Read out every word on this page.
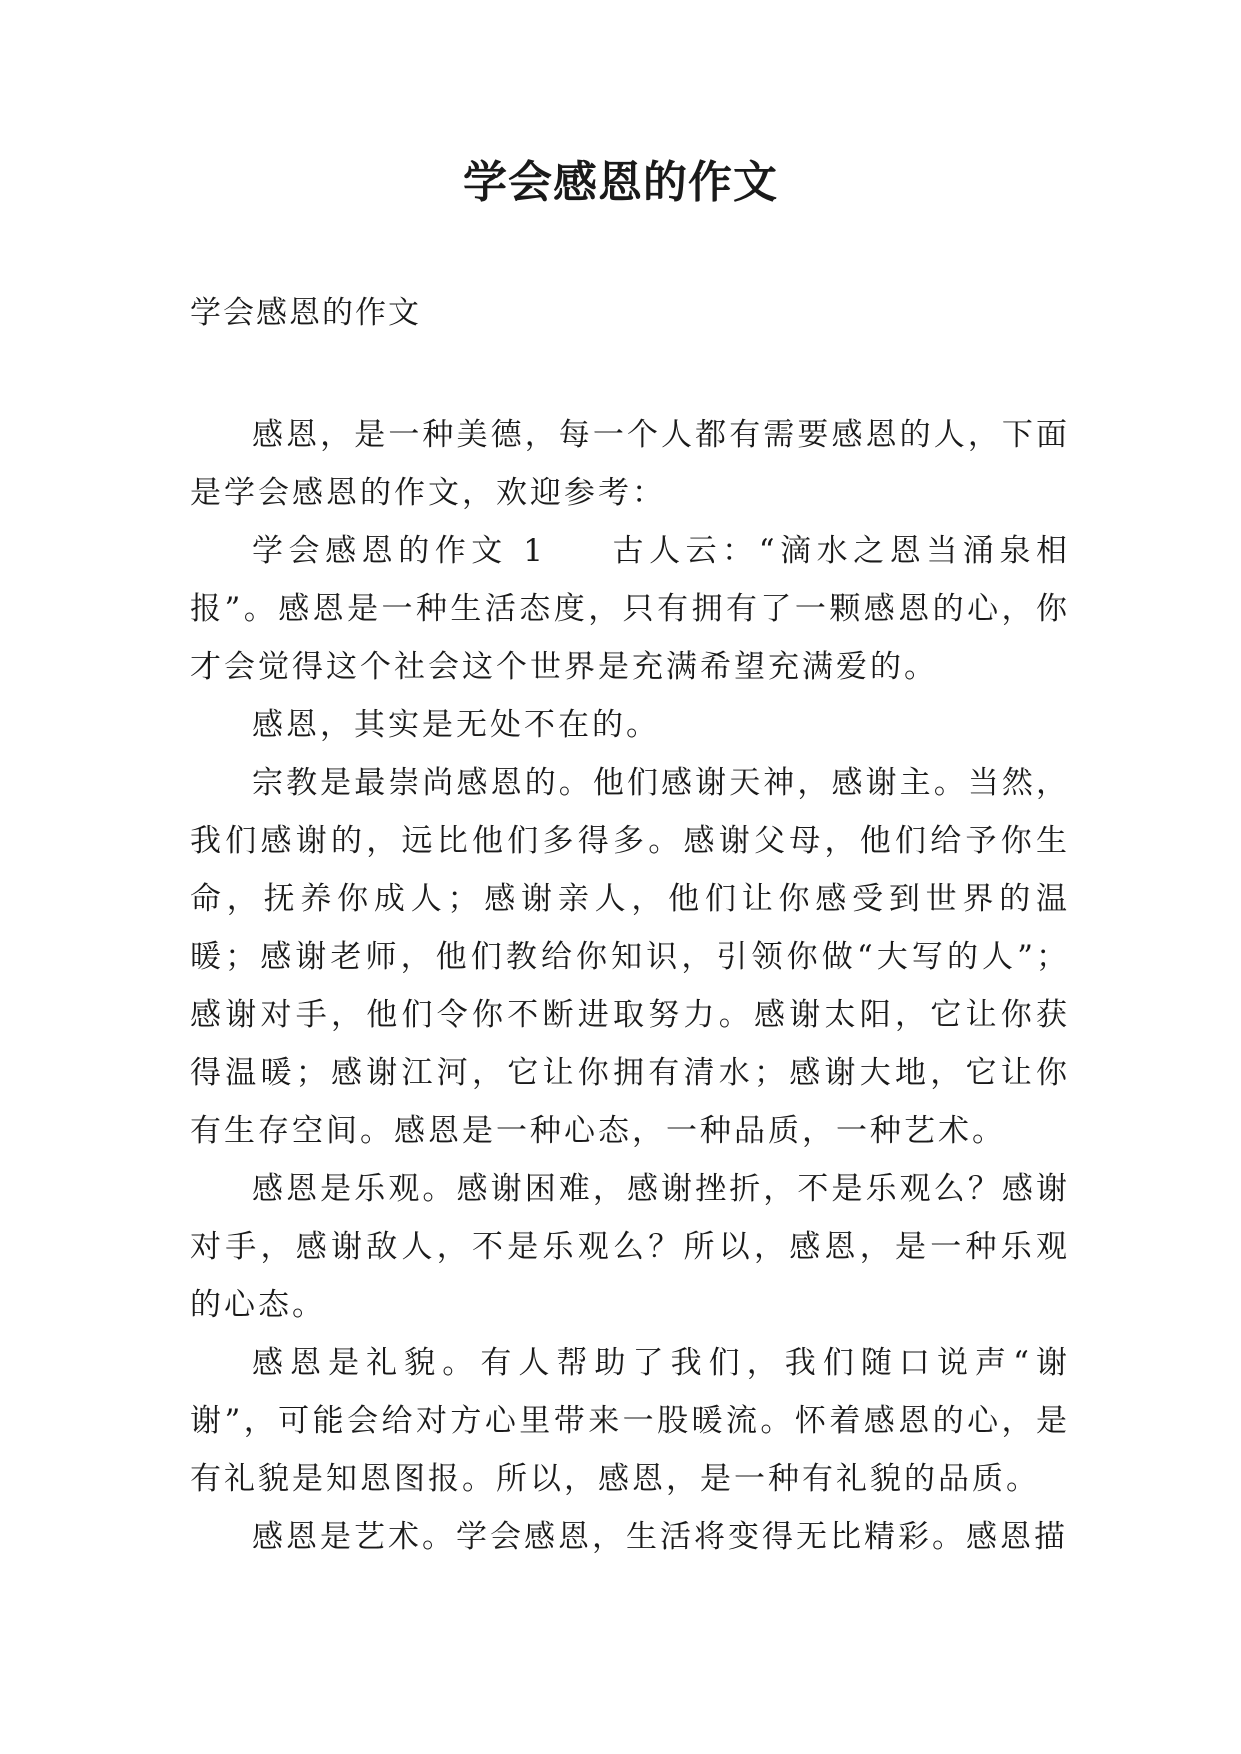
学会感恩的作文

学会感恩的作文

感恩，是一种美德，每一个人都有需要感恩的人，下面是学会感恩的作文，欢迎参考：

学会感恩的作文 1 古人云：“滴水之恩当涌泉相报”。感恩是一种生活态度，只有拥有了一颗感恩的心，你才会觉得这个社会这个世界是充满希望充满爱的。

感恩，其实是无处不在的。

宗教是最崇尚感恩的。他们感谢天神，感谢主。当然，我们感谢的，远比他们多得多。感谢父母，他们给予你生命，抚养你成人；感谢亲人，他们让你感受到世界的温暖；感谢老师，他们教给你知识，引领你做“大写的人”；感谢对手，他们令你不断进取努力。感谢太阳，它让你获得温暖；感谢江河，它让你拥有清水；感谢大地，它让你有生存空间。感恩是一种心态，一种品质，一种艺术。

感恩是乐观。感谢困难，感谢挫折，不是乐观么？感谢对手，感谢敌人，不是乐观么？所以，感恩，是一种乐观的心态。

感恩是礼貌。有人帮助了我们，我们随口说声“谢谢”，可能会给对方心里带来一股暖流。怀着感恩的心，是有礼貌是知恩图报。所以，感恩，是一种有礼貌的品质。

感恩是艺术。学会感恩，生活将变得无比精彩。感恩描
